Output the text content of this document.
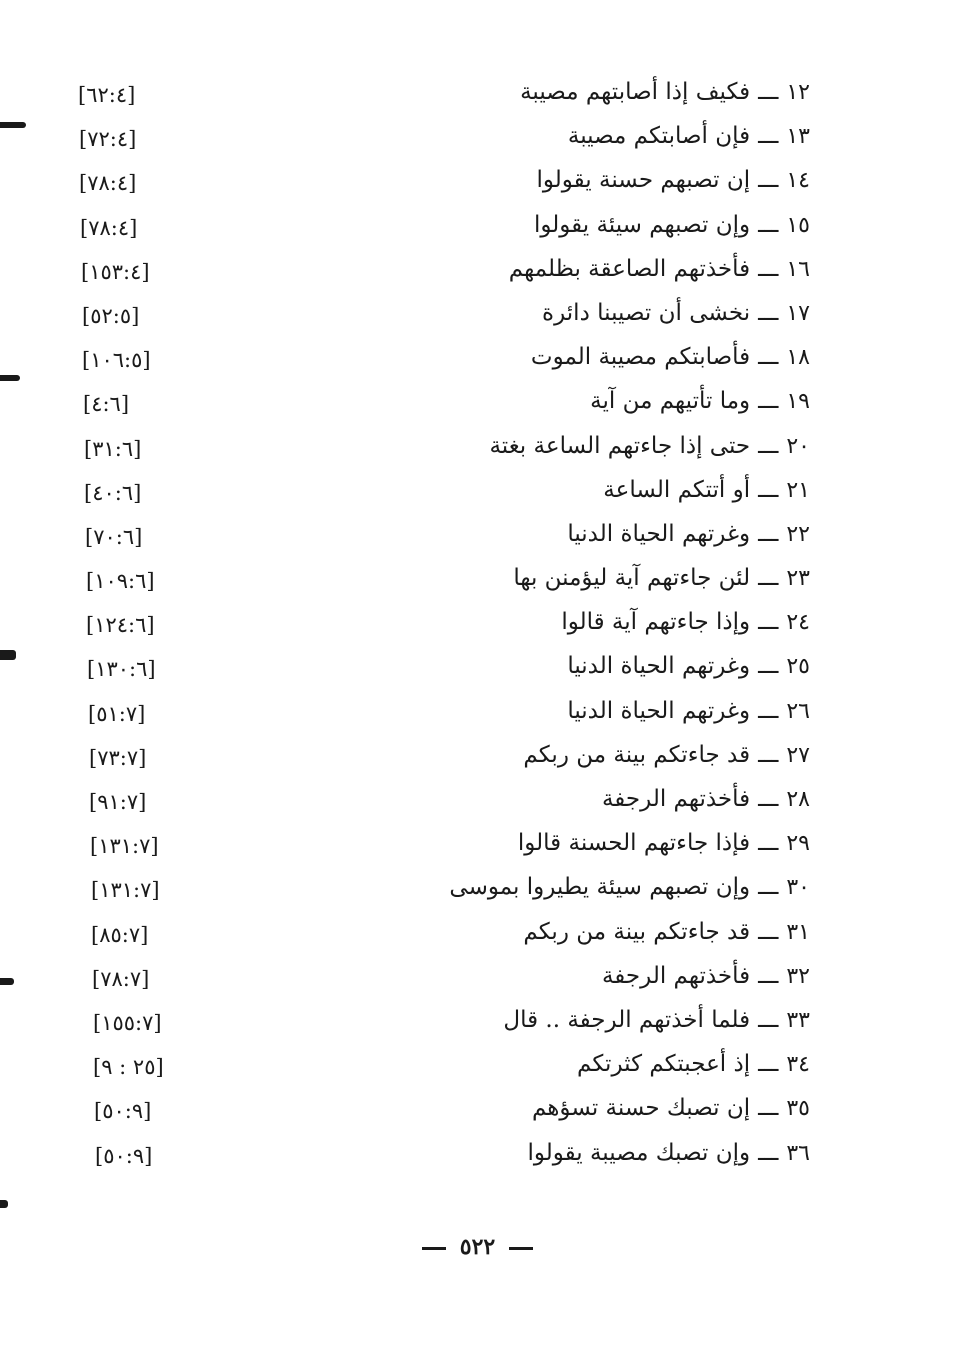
١٢ـــفكيف إذا أصابتهم مصيبة
[٦٢:٤]
١٣ـــفإن أصابتكم مصيبة
[٧٢:٤]
١٤ـــإن تصبهم حسنة يقولوا
[٧٨:٤]
١٥ـــوإن تصبهم سيئة يقولوا
[٧٨:٤]
١٦ـــفأخذتهم الصاعقة بظلمهم
[١٥٣:٤]
١٧ـــنخشى أن تصيبنا دائرة
[٥٢:٥]
١٨ـــفأصابتكم مصيبة الموت
[١٠٦:٥]
١٩ـــوما تأتيهم من آية
[٤:٦]
٢٠ـــحتى إذا جاءتهم الساعة بغتة
[٣١:٦]
٢١ـــأو أتتكم الساعة
[٤٠:٦]
٢٢ـــوغرتهم الحياة الدنيا
[٧٠:٦]
٢٣ـــلئن جاءتهم آية ليؤمنن بها
[١٠٩:٦]
٢٤ـــوإذا جاءتهم آية قالوا
[١٢٤:٦]
٢٥ـــوغرتهم الحياة الدنيا
[١٣٠:٦]
٢٦ـــوغرتهم الحياة الدنيا
[٥١:٧]
٢٧ـــقد جاءتكم بينة من ربكم
[٧٣:٧]
٢٨ـــفأخذتهم الرجفة
[٩١:٧]
٢٩ـــفإذا جاءتهم الحسنة قالوا
[١٣١:٧]
٣٠ـــوإن تصبهم سيئة يطيروا بموسى
[١٣١:٧]
٣١ـــقد جاءتكم بينة من ربكم
[٨٥:٧]
٣٢ـــفأخذتهم الرجفة
[٧٨:٧]
٣٣ـــفلما أخذتهم الرجفة .. قال
[١٥٥:٧]
٣٤ـــإذ أعجبتكم كثرتكم
[٢٥ : ٩]
٣٥ـــإن تصبك حسنة تسؤهم
[٥٠:٩]
٣٦ـــوإن تصبك مصيبة يقولوا
[٥٠:٩]
٥٢٢
